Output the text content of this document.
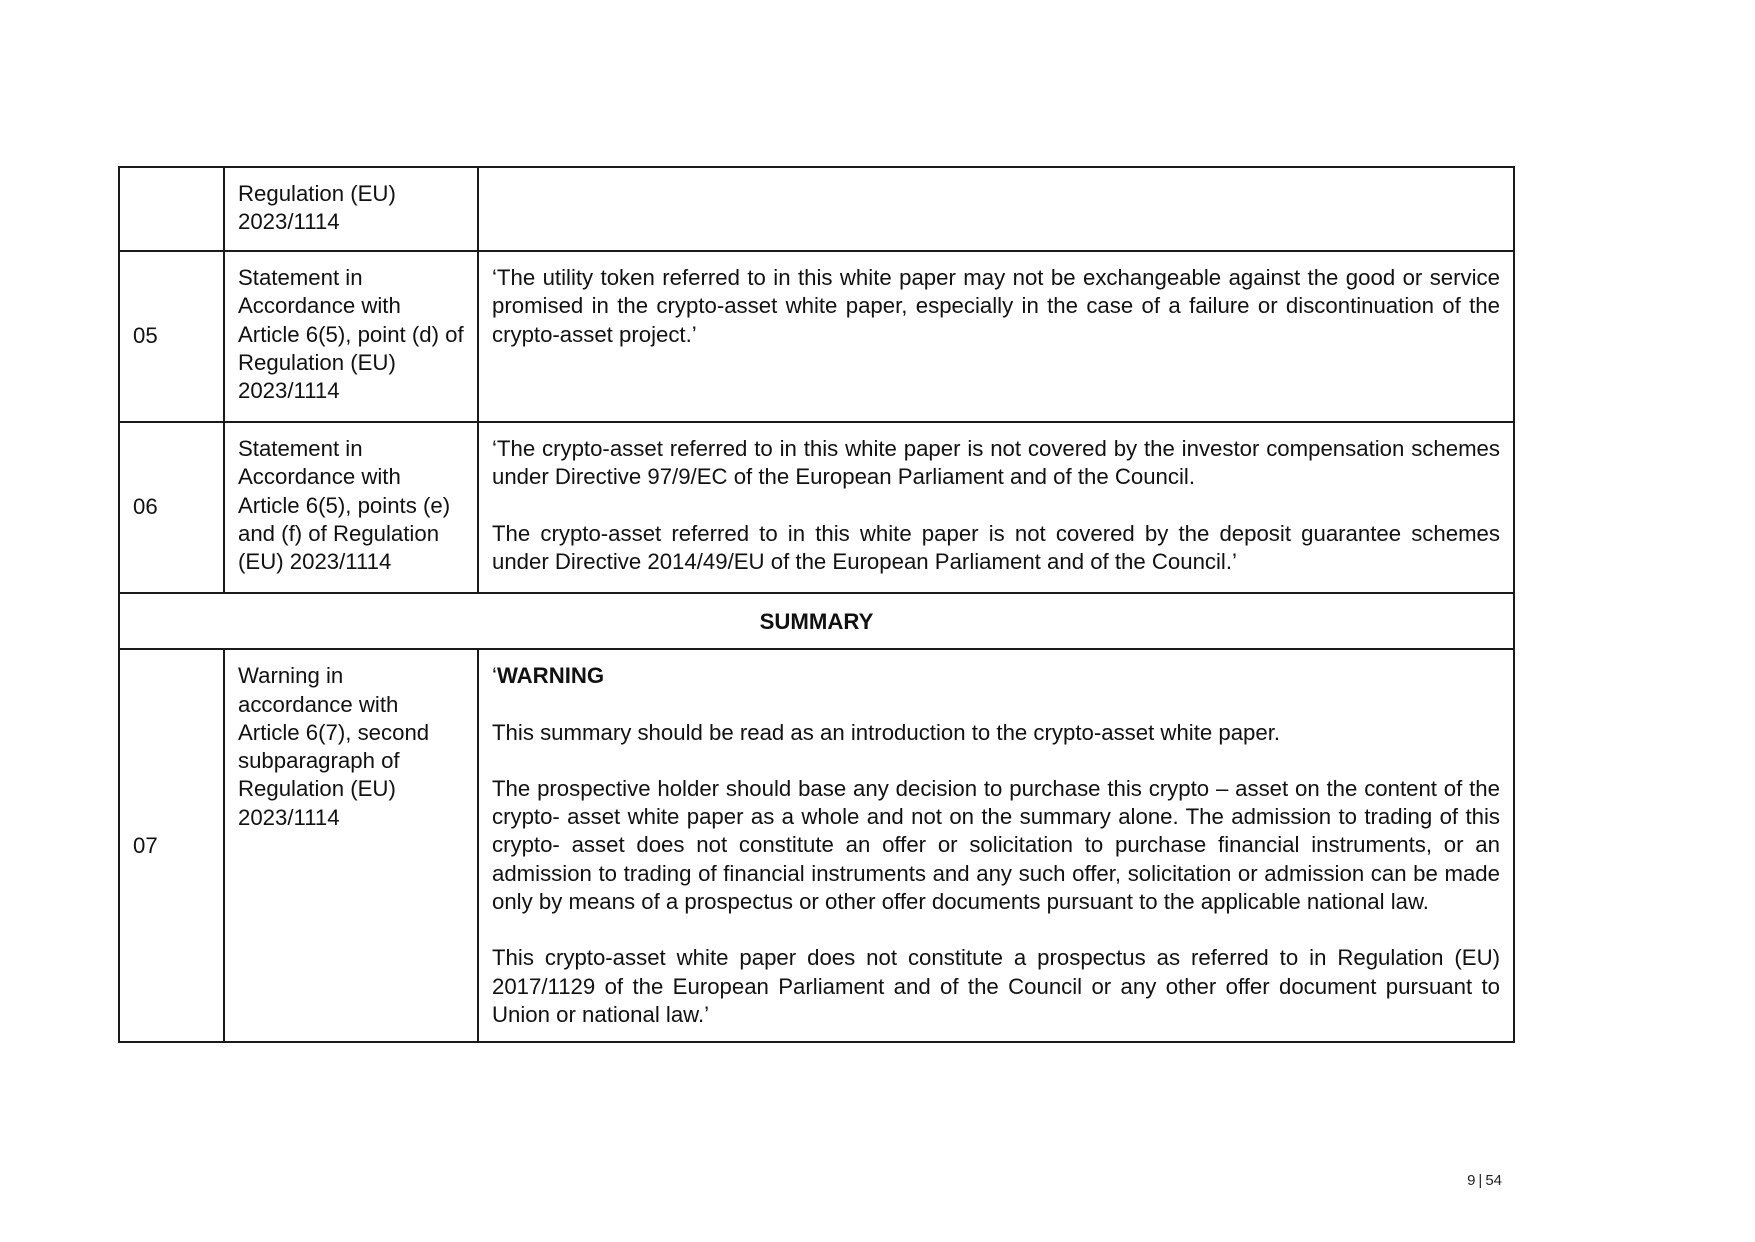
	Regulation (EU) 2023/1114	

05	Statement in Accordance with Article 6(5), point (d) of Regulation (EU) 2023/1114	‘The utility token referred to in this white paper may not be exchangeable against the good or service promised in the crypto-asset white paper, especially in the case of a failure or discontinuation of the crypto-asset project.’

06	Statement in Accordance with Article 6(5), points (e) and (f) of Regulation (EU) 2023/1114	‘The crypto-asset referred to in this white paper is not covered by the investor compensation schemes under Directive 97/9/EC of the European Parliament and of the Council.

The crypto-asset referred to in this white paper is not covered by the deposit guarantee schemes under Directive 2014/49/EU of the European Parliament and of the Council.’

SUMMARY		
07	Warning in accordance with Article 6(7), second subparagraph of Regulation (EU) 2023/1114	‘WARNING

This summary should be read as an introduction to the crypto-asset white paper.

The prospective holder should base any decision to purchase this crypto – asset on the content of the crypto- asset white paper as a whole and not on the summary alone. The admission to trading of this crypto- asset does not constitute an offer or solicitation to purchase financial instruments, or an admission to trading of financial instruments and any such offer, solicitation or admission can be made only by means of a prospectus or other offer documents pursuant to the applicable national law.

This crypto-asset white paper does not constitute a prospectus as referred to in Regulation (EU) 2017/1129 of the European Parliament and of the Council or any other offer document pursuant to Union or national law.’

9 | 54
